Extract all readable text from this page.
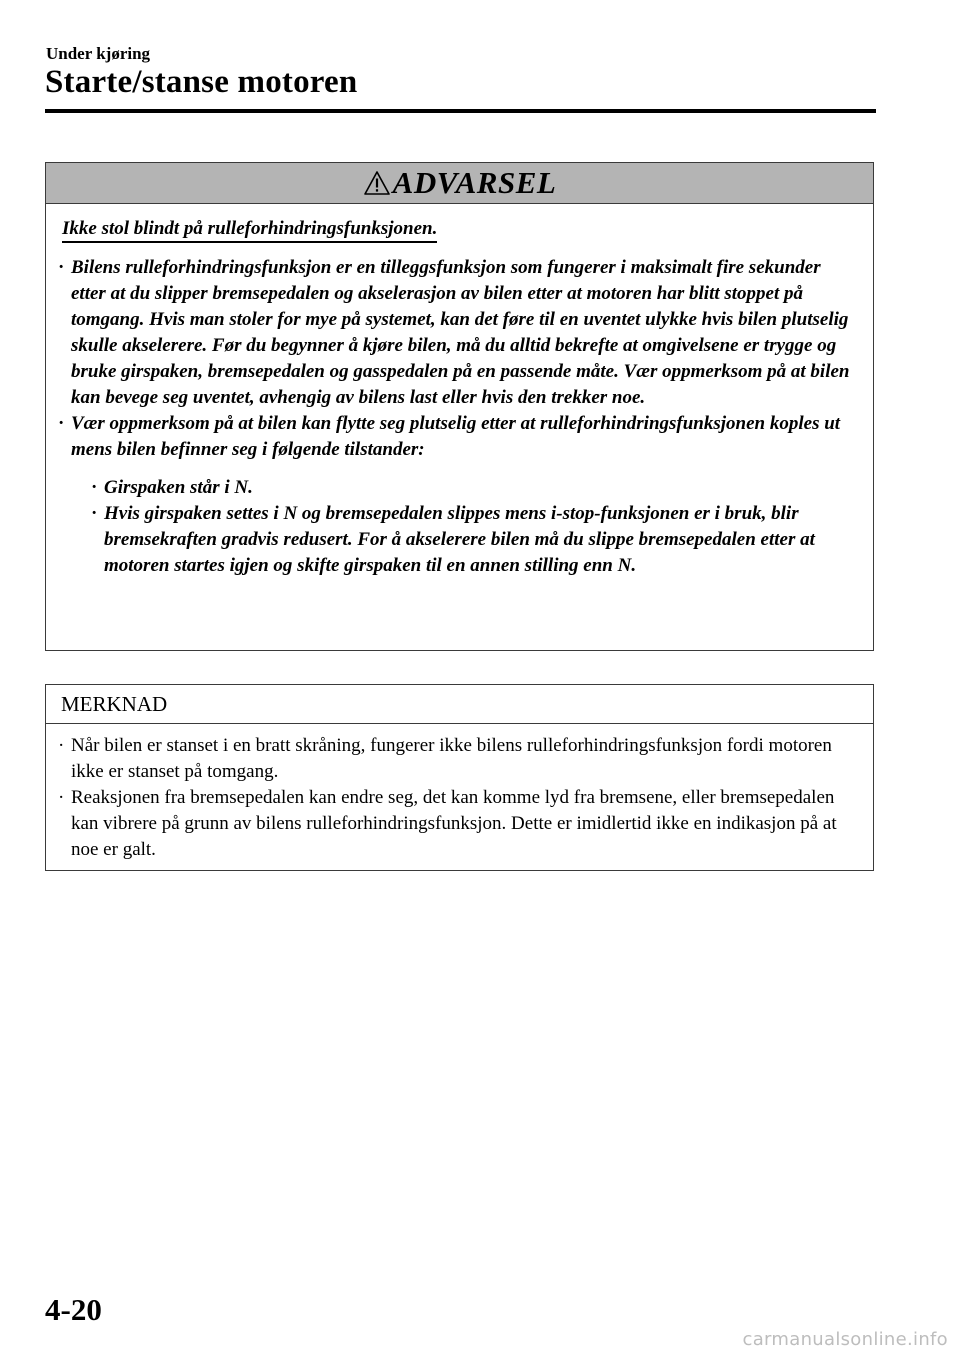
Under kjøring
Starte/stanse motoren
ADVARSEL
Ikke stol blindt på rulleforhindringsfunksjonen.
· Bilens rulleforhindringsfunksjon er en tilleggsfunksjon som fungerer i maksimalt fire sekunder etter at du slipper bremsepedalen og akselerasjon av bilen etter at motoren har blitt stoppet på tomgang. Hvis man stoler for mye på systemet, kan det føre til en uventet ulykke hvis bilen plutselig skulle akselerere. Før du begynner å kjøre bilen, må du alltid bekrefte at omgivelsene er trygge og bruke girspaken, bremsepedalen og gasspedalen på en passende måte. Vær oppmerksom på at bilen kan bevege seg uventet, avhengig av bilens last eller hvis den trekker noe.
· Vær oppmerksom på at bilen kan flytte seg plutselig etter at rulleforhindringsfunksjonen koples ut mens bilen befinner seg i følgende tilstander:
· Girspaken står i N.
· Hvis girspaken settes i N og bremsepedalen slippes mens i-stop-funksjonen er i bruk, blir bremsekraften gradvis redusert. For å akselerere bilen må du slippe bremsepedalen etter at motoren startes igjen og skifte girspaken til en annen stilling enn N.
MERKNAD
· Når bilen er stanset i en bratt skråning, fungerer ikke bilens rulleforhindringsfunksjon fordi motoren ikke er stanset på tomgang.
· Reaksjonen fra bremsepedalen kan endre seg, det kan komme lyd fra bremsene, eller bremsepedalen kan vibrere på grunn av bilens rulleforhindringsfunksjon. Dette er imidlertid ikke en indikasjon på at noe er galt.
4-20
carmanualsonline.info
